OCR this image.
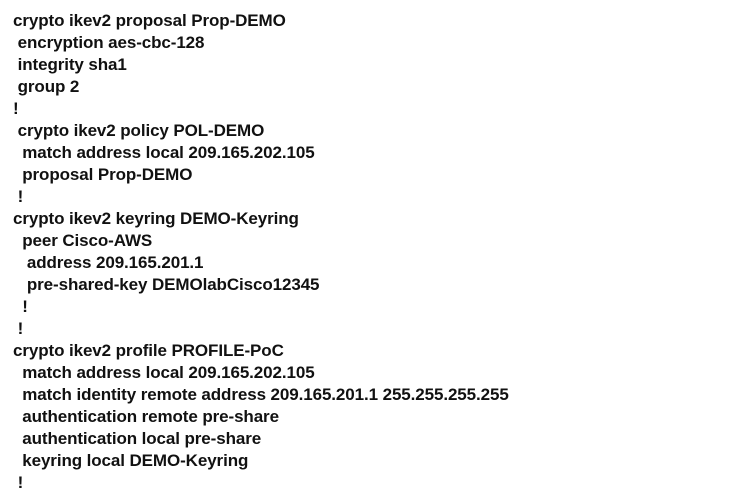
crypto ikev2 proposal Prop-DEMO
encryption aes-cbc-128
integrity sha1
group 2
!
crypto ikev2 policy POL-DEMO
match address local 209.165.202.105
proposal Prop-DEMO
!
crypto ikev2 keyring DEMO-Keyring
peer Cisco-AWS
address 209.165.201.1
pre-shared-key DEMOlabCisco12345
!
!
crypto ikev2 profile PROFILE-PoC
match address local 209.165.202.105
match identity remote address 209.165.201.1 255.255.255.255
authentication remote pre-share
authentication local pre-share
keyring local DEMO-Keyring
!
